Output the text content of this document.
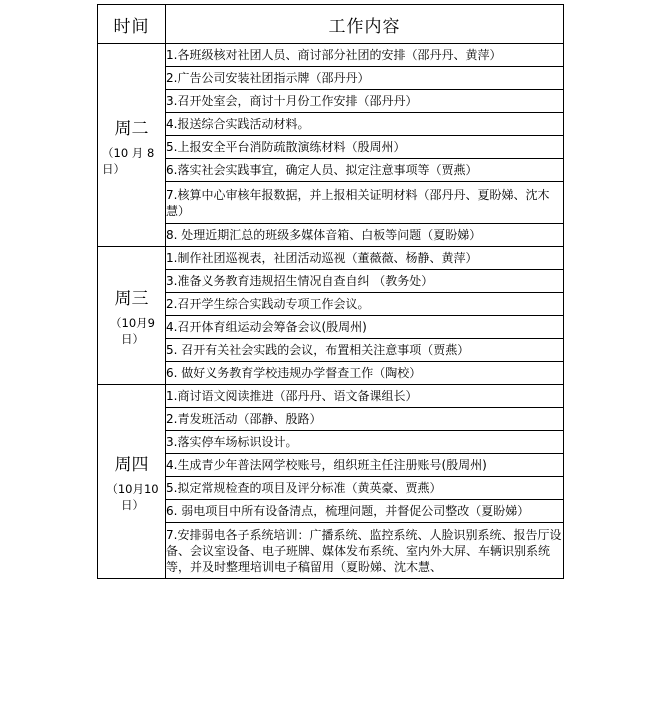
时间	工作内容

周二
（10 月 8 日）	1.各班级核对社团人员、商讨部分社团的安排（邵丹丹、黄萍）
	2.广告公司安装社团指示牌（邵丹丹）
	3.召开处室会，商讨十月份工作安排（邵丹丹）
	4.报送综合实践活动材料。
	5.上报安全平台消防疏散演练材料（殷周州）
	6.落实社会实践事宜，确定人员、拟定注意事项等（贾燕）
	7.核算中心审核年报数据，并上报相关证明材料（邵丹丹、夏盼娣、沈木慧）
	8. 处理近期汇总的班级多媒体音箱、白板等问题（夏盼娣）

周三
（10月9日）	1.制作社团巡视表，社团活动巡视（董薇薇、杨静、黄萍）
	3.准备义务教育违规招生情况自查自纠 （教务处）
	2.召开学生综合实践动专项工作会议。
	4.召开体育组运动会筹备会议(殷周州)
	5. 召开有关社会实践的会议，布置相关注意事项（贾燕）
	6. 做好义务教育学校违规办学督查工作（陶校）

周四
（10月10日）	1.商讨语文阅读推进（邵丹丹、语文备课组长）
	2.青发班活动（邵静、殷路）
	3.落实停车场标识设计。
	4.生成青少年普法网学校账号，组织班主任注册账号(殷周州)
	5.拟定常规检查的项目及评分标准（黄英豪、贾燕）
	6. 弱电项目中所有设备清点，梳理问题，并督促公司整改（夏盼娣）
	7.安排弱电各子系统培训：广播系统、监控系统、人脸识别系统、报告厅设备、会议室设备、电子班牌、媒体发布系统、室内外大屏、车辆识别系统等，并及时整理培训电子稿留用（夏盼娣、沈木慧、
